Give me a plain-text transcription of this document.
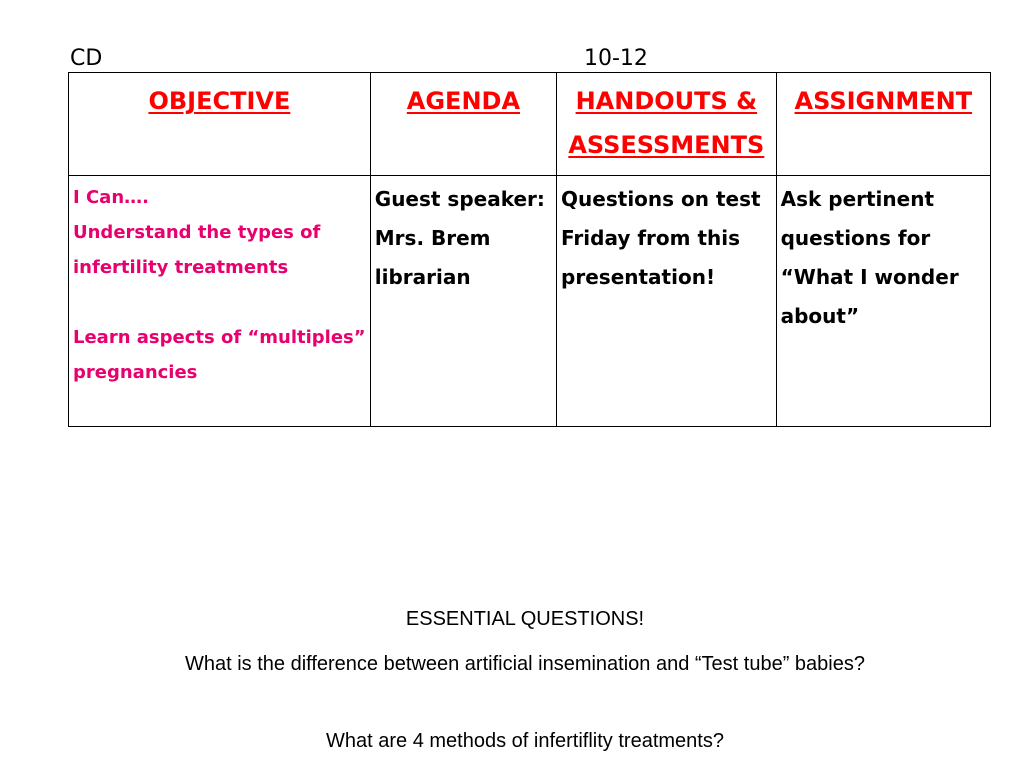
CD	10-12
OBJECTIVE	AGENDA	HANDOUTS & ASSESSMENTS	ASSIGNMENT

I Can….

Understand the types of infertility treatments

Learn aspects of “multiples” pregnancies	Guest speaker: Mrs. Brem librarian	Questions on test Friday from this presentation!	Ask pertinent questions for “What I wonder about”
ESSENTIAL QUESTIONS!
What is the difference between artificial insemination and “Test tube” babies?
What are 4 methods of infertiflity treatments?
